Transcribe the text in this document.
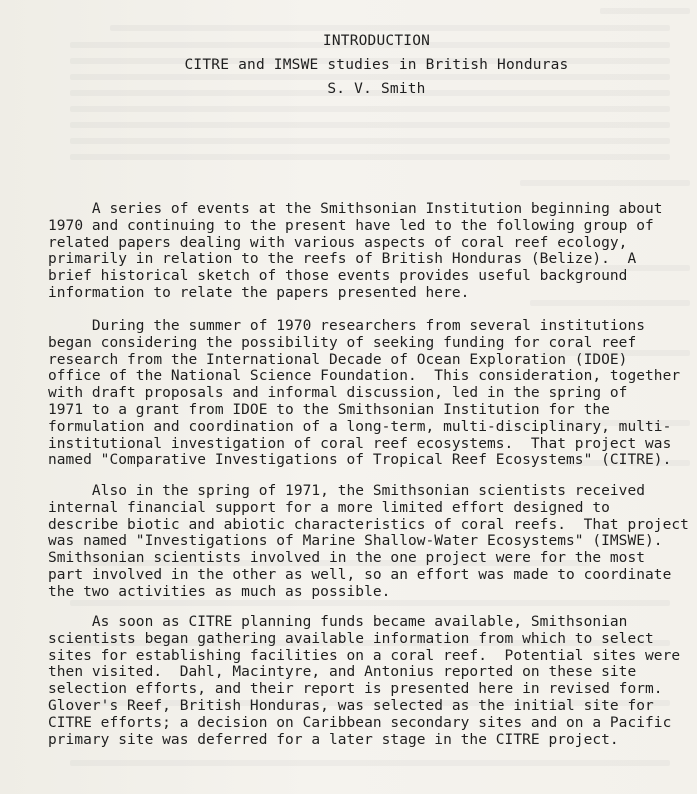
INTRODUCTION
CITRE and IMSWE studies in British Honduras
S. V. Smith
A series of events at the Smithsonian Institution beginning about
1970 and continuing to the present have led to the following group of
related papers dealing with various aspects of coral reef ecology,
primarily in relation to the reefs of British Honduras (Belize).  A
brief historical sketch of those events provides useful background
information to relate the papers presented here.
During the summer of 1970 researchers from several institutions
began considering the possibility of seeking funding for coral reef
research from the International Decade of Ocean Exploration (IDOE)
office of the National Science Foundation.  This consideration, together
with draft proposals and informal discussion, led in the spring of
1971 to a grant from IDOE to the Smithsonian Institution for the
formulation and coordination of a long-term, multi-disciplinary, multi-
institutional investigation of coral reef ecosystems.  That project was
named "Comparative Investigations of Tropical Reef Ecosystems" (CITRE).
Also in the spring of 1971, the Smithsonian scientists received
internal financial support for a more limited effort designed to
describe biotic and abiotic characteristics of coral reefs.  That project
was named "Investigations of Marine Shallow-Water Ecosystems" (IMSWE).
Smithsonian scientists involved in the one project were for the most
part involved in the other as well, so an effort was made to coordinate
the two activities as much as possible.
As soon as CITRE planning funds became available, Smithsonian
scientists began gathering available information from which to select
sites for establishing facilities on a coral reef.  Potential sites were
then visited.  Dahl, Macintyre, and Antonius reported on these site
selection efforts, and their report is presented here in revised form.
Glover's Reef, British Honduras, was selected as the initial site for
CITRE efforts; a decision on Caribbean secondary sites and on a Pacific
primary site was deferred for a later stage in the CITRE project.
